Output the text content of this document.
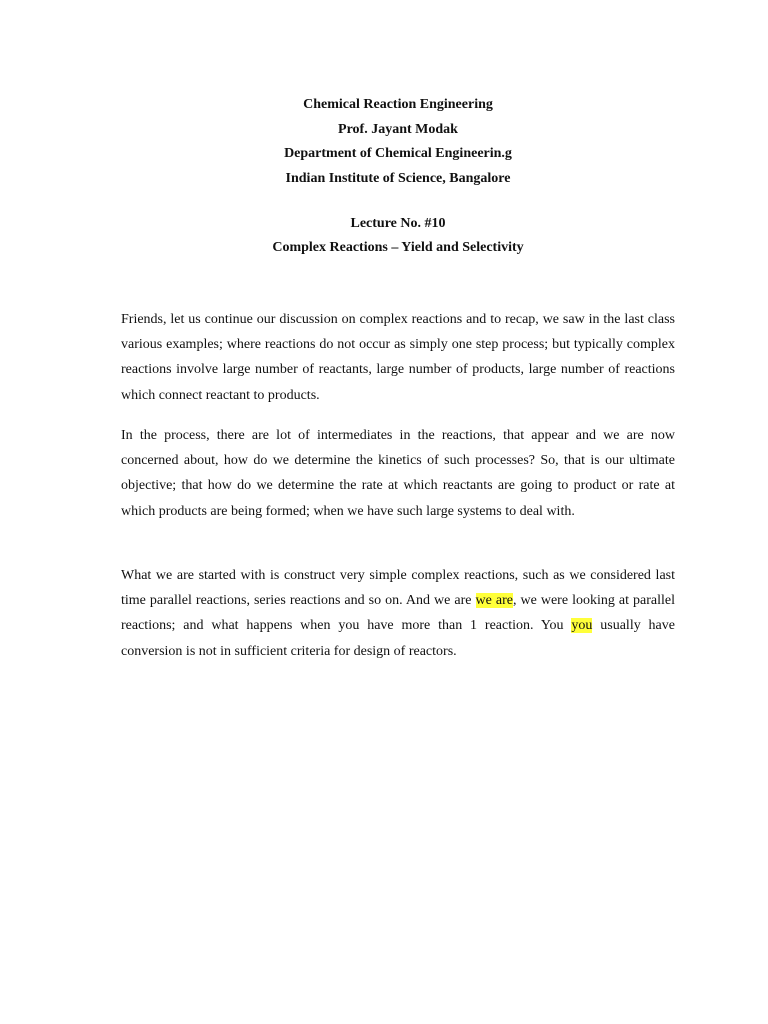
Chemical Reaction Engineering
Prof. Jayant Modak
Department of Chemical Engineerin.g
Indian Institute of Science, Bangalore
Lecture No. #10
Complex Reactions – Yield and Selectivity

Friends, let us continue our discussion on complex reactions and to recap, we saw in the last class various examples; where reactions do not occur as simply one step process; but typically complex reactions involve large number of reactants, large number of products, large number of reactions which connect reactant to products.

In the process, there are lot of intermediates in the reactions, that appear and we are now concerned about, how do we determine the kinetics of such processes? So, that is our ultimate objective; that how do we determine the rate at which reactants are going to product or rate at which products are being formed; when we have such large systems to deal with.

What we are started with is construct very simple complex reactions, such as we considered last time parallel reactions, series reactions and so on. And we are we are, we were looking at parallel reactions; and what happens when you have more than 1 reaction. You you usually have conversion is not in sufficient criteria for design of reactors.
